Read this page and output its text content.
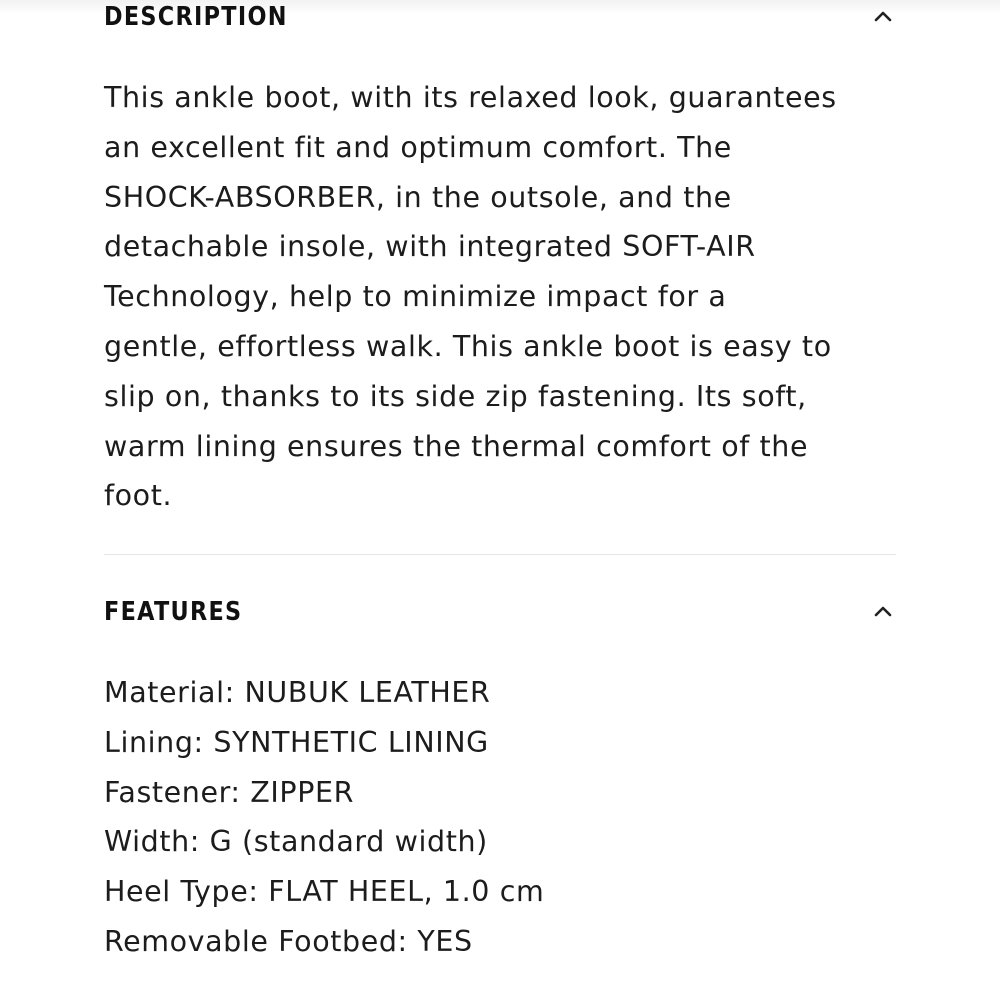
DESCRIPTION
This ankle boot, with its relaxed look, guarantees
an excellent fit and optimum comfort. The
SHOCK-ABSORBER, in the outsole, and the
detachable insole, with integrated SOFT-AIR
Technology, help to minimize impact for a
gentle, effortless walk. This ankle boot is easy to
slip on, thanks to its side zip fastening. Its soft,
warm lining ensures the thermal comfort of the
foot.
FEATURES
Material: NUBUK LEATHER
Lining: SYNTHETIC LINING
Fastener: ZIPPER
Width: G (standard width)
Heel Type: FLAT HEEL, 1.0 cm
Removable Footbed: YES
